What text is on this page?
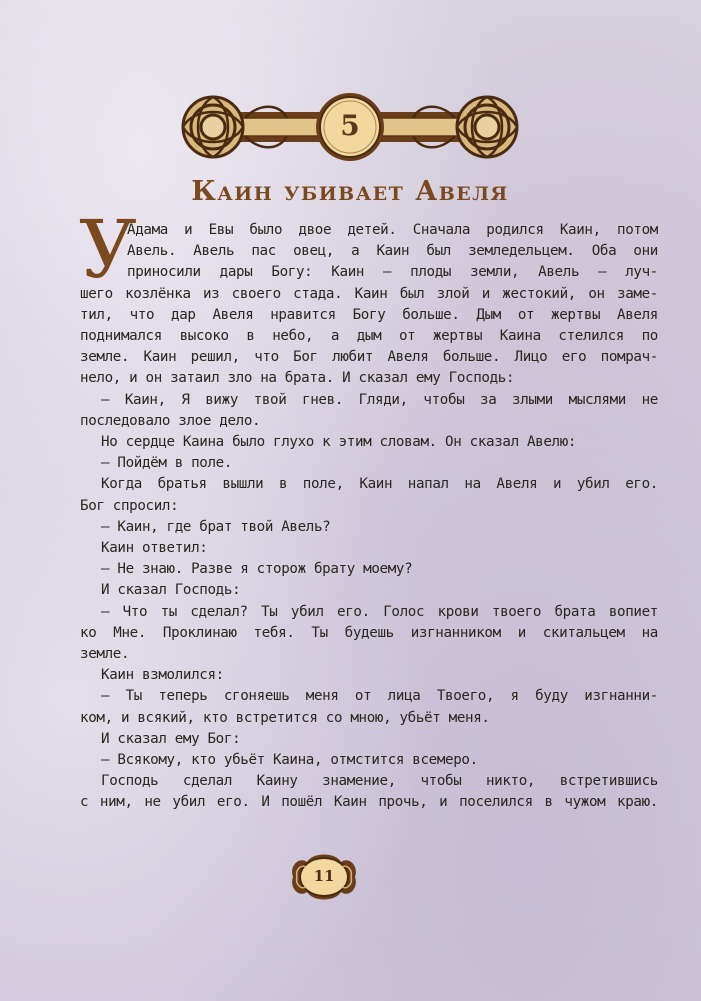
5
Каин убивает Авеля
У
Адама и Евы было двое детей. Сначала родился Каин, потом
Авель. Авель пас овец, а Каин был земледельцем. Оба они
приносили дары Богу: Каин — плоды земли, Авель — луч-
шего козлёнка из своего стада. Каин был злой и жестокий, он заме-
тил, что дар Авеля нравится Богу больше. Дым от жертвы Авеля
поднимался высоко в небо, а дым от жертвы Каина стелился по
земле. Каин решил, что Бог любит Авеля больше. Лицо его помрач-
нело, и он затаил зло на брата. И сказал ему Господь:
— Каин, Я вижу твой гнев. Гляди, чтобы за злыми мыслями не
последовало злое дело.
Но сердце Каина было глухо к этим словам. Он сказал Авелю:
— Пойдём в поле.
Когда братья вышли в поле, Каин напал на Авеля и убил его.
Бог спросил:
— Каин, где брат твой Авель?
Каин ответил:
— Не знаю. Разве я сторож брату моему?
И сказал Господь:
— Что ты сделал? Ты убил его. Голос крови твоего брата вопиет
ко Мне. Проклинаю тебя. Ты будешь изгнанником и скитальцем на
земле.
Каин взмолился:
— Ты теперь сгоняешь меня от лица Твоего, я буду изгнанни-
ком, и всякий, кто встретится со мною, убьёт меня.
И сказал ему Бог:
— Всякому, кто убьёт Каина, отмстится всемеро.
Господь сделал Каину знамение, чтобы никто, встретившись
с ним, не убил его. И пошёл Каин прочь, и поселился в чужом краю.
11
